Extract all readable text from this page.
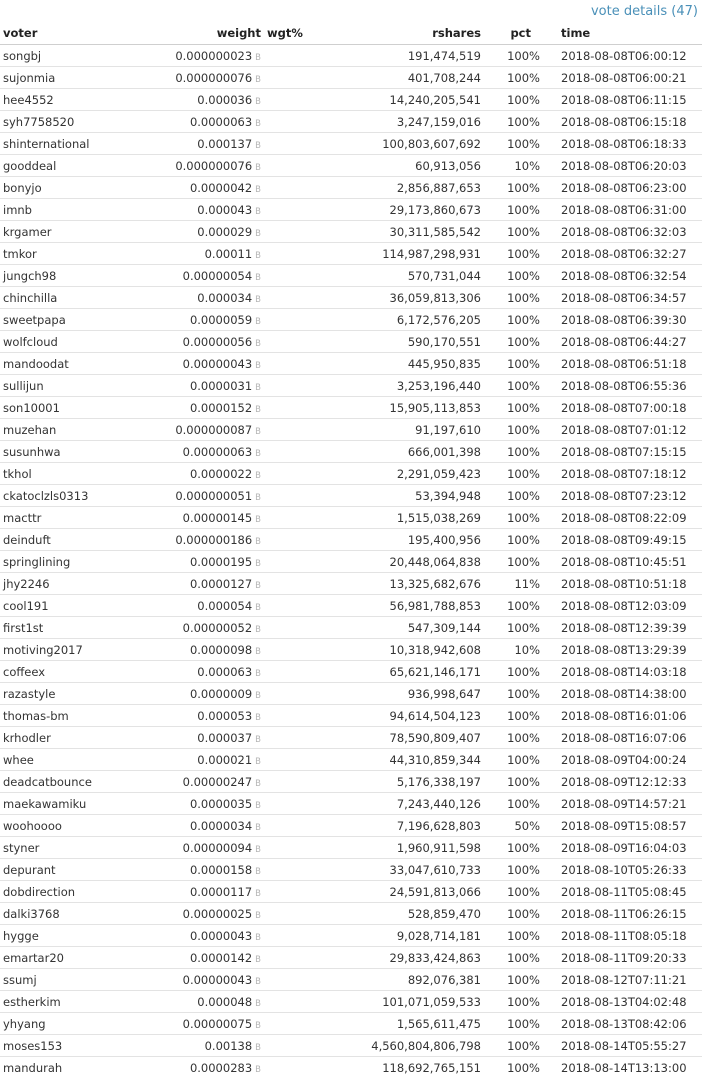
vote details (47)
voter	weight	wgt%	rshares	pct	time
songbj	0.000000023 B		191,474,519	100%	2018-08-08T06:00:12
sujonmia	0.000000076 B		401,708,244	100%	2018-08-08T06:00:21
hee4552	0.000036 B		14,240,205,541	100%	2018-08-08T06:11:15
syh7758520	0.0000063 B		3,247,159,016	100%	2018-08-08T06:15:18
shinternational	0.000137 B		100,803,607,692	100%	2018-08-08T06:18:33
gooddeal	0.000000076 B		60,913,056	10%	2018-08-08T06:20:03
bonyjo	0.0000042 B		2,856,887,653	100%	2018-08-08T06:23:00
imnb	0.000043 B		29,173,860,673	100%	2018-08-08T06:31:00
krgamer	0.000029 B		30,311,585,542	100%	2018-08-08T06:32:03
tmkor	0.00011 B		114,987,298,931	100%	2018-08-08T06:32:27
jungch98	0.00000054 B		570,731,044	100%	2018-08-08T06:32:54
chinchilla	0.000034 B		36,059,813,306	100%	2018-08-08T06:34:57
sweetpapa	0.0000059 B		6,172,576,205	100%	2018-08-08T06:39:30
wolfcloud	0.00000056 B		590,170,551	100%	2018-08-08T06:44:27
mandoodat	0.00000043 B		445,950,835	100%	2018-08-08T06:51:18
sullijun	0.0000031 B		3,253,196,440	100%	2018-08-08T06:55:36
son10001	0.0000152 B		15,905,113,853	100%	2018-08-08T07:00:18
muzehan	0.000000087 B		91,197,610	100%	2018-08-08T07:01:12
susunhwa	0.00000063 B		666,001,398	100%	2018-08-08T07:15:15
tkhol	0.0000022 B		2,291,059,423	100%	2018-08-08T07:18:12
ckatoclzls0313	0.000000051 B		53,394,948	100%	2018-08-08T07:23:12
macttr	0.00000145 B		1,515,038,269	100%	2018-08-08T08:22:09
deinduft	0.000000186 B		195,400,956	100%	2018-08-08T09:49:15
springlining	0.0000195 B		20,448,064,838	100%	2018-08-08T10:45:51
jhy2246	0.0000127 B		13,325,682,676	11%	2018-08-08T10:51:18
cool191	0.000054 B		56,981,788,853	100%	2018-08-08T12:03:09
first1st	0.00000052 B		547,309,144	100%	2018-08-08T12:39:39
motiving2017	0.0000098 B		10,318,942,608	10%	2018-08-08T13:29:39
coffeex	0.000063 B		65,621,146,171	100%	2018-08-08T14:03:18
razastyle	0.0000009 B		936,998,647	100%	2018-08-08T14:38:00
thomas-bm	0.000053 B		94,614,504,123	100%	2018-08-08T16:01:06
krhodler	0.000037 B		78,590,809,407	100%	2018-08-08T16:07:06
whee	0.000021 B		44,310,859,344	100%	2018-08-09T04:00:24
deadcatbounce	0.00000247 B		5,176,338,197	100%	2018-08-09T12:12:33
maekawamiku	0.0000035 B		7,243,440,126	100%	2018-08-09T14:57:21
woohoooo	0.0000034 B		7,196,628,803	50%	2018-08-09T15:08:57
styner	0.00000094 B		1,960,911,598	100%	2018-08-09T16:04:03
depurant	0.0000158 B		33,047,610,733	100%	2018-08-10T05:26:33
dobdirection	0.0000117 B		24,591,813,066	100%	2018-08-11T05:08:45
dalki3768	0.00000025 B		528,859,470	100%	2018-08-11T06:26:15
hygge	0.0000043 B		9,028,714,181	100%	2018-08-11T08:05:18
emartar20	0.0000142 B		29,833,424,863	100%	2018-08-11T09:20:33
ssumj	0.00000043 B		892,076,381	100%	2018-08-12T07:11:21
estherkim	0.000048 B		101,071,059,533	100%	2018-08-13T04:02:48
yhyang	0.00000075 B		1,565,611,475	100%	2018-08-13T08:42:06
moses153	0.00138 B		4,560,804,806,798	100%	2018-08-14T05:55:27
mandurah	0.0000283 B		118,692,765,151	100%	2018-08-14T13:13:00
